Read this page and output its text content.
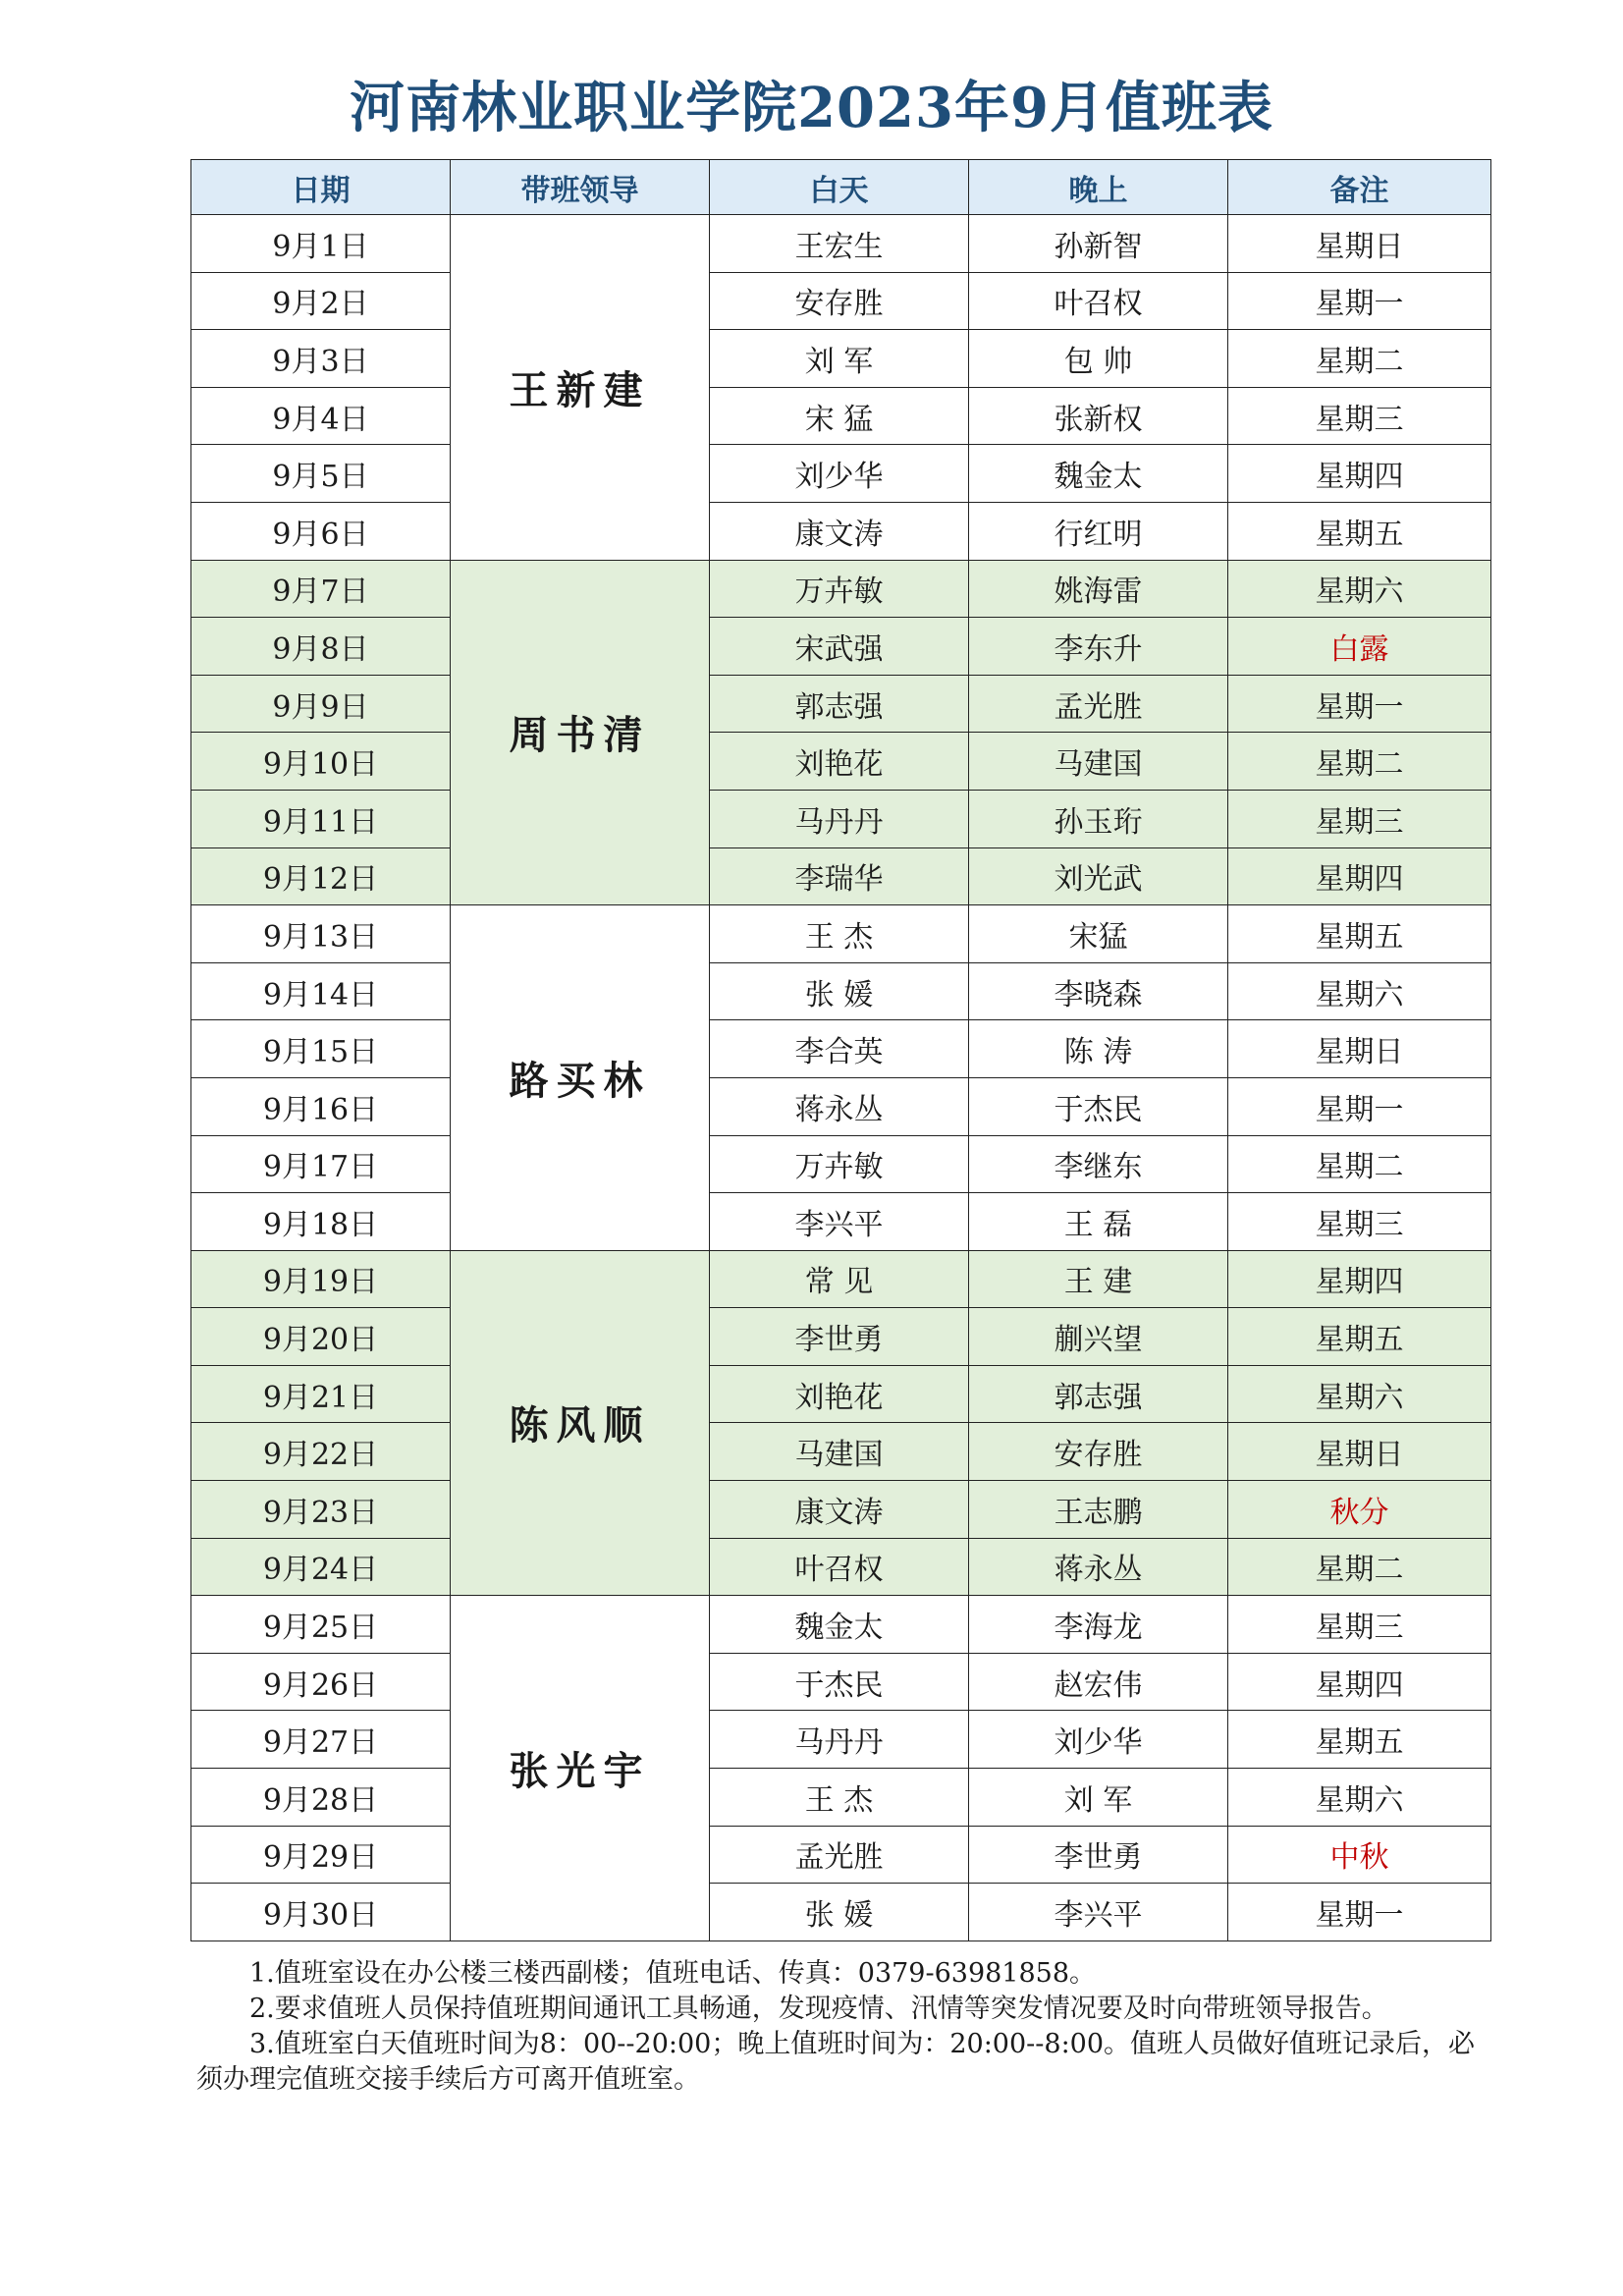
河南林业职业学院2023年9月值班表
日期	带班领导	白天	晚上	备注
9月1日	王新建	王宏生	孙新智	星期日
9月2日		安存胜	叶召权	星期一
9月3日		刘 军	包 帅	星期二
9月4日		宋 猛	张新权	星期三
9月5日		刘少华	魏金太	星期四
9月6日		康文涛	行红明	星期五
9月7日	周书清	万卉敏	姚海雷	星期六
9月8日		宋武强	李东升	白露
9月9日		郭志强	孟光胜	星期一
9月10日		刘艳花	马建国	星期二
9月11日		马丹丹	孙玉珩	星期三
9月12日		李瑞华	刘光武	星期四
9月13日	路买林	王 杰	宋猛	星期五
9月14日		张 媛	李晓森	星期六
9月15日		李合英	陈 涛	星期日
9月16日		蒋永丛	于杰民	星期一
9月17日		万卉敏	李继东	星期二
9月18日		李兴平	王 磊	星期三
9月19日	陈风顺	常 见	王 建	星期四
9月20日		李世勇	蒯兴望	星期五
9月21日		刘艳花	郭志强	星期六
9月22日		马建国	安存胜	星期日
9月23日		康文涛	王志鹏	秋分
9月24日		叶召权	蒋永丛	星期二
9月25日	张光宇	魏金太	李海龙	星期三
9月26日		于杰民	赵宏伟	星期四
9月27日		马丹丹	刘少华	星期五
9月28日		王 杰	刘 军	星期六
9月29日		孟光胜	李世勇	中秋
9月30日		张 媛	李兴平	星期一

1.值班室设在办公楼三楼西副楼；值班电话、传真：0379-63981858。

2.要求值班人员保持值班期间通讯工具畅通，发现疫情、汛情等突发情况要及时向带班领导报告。

3.值班室白天值班时间为8：00--20:00；晚上值班时间为：20:00--8:00。值班人员做好值班记录后，必须办理完值班交接手续后方可离开值班室。
